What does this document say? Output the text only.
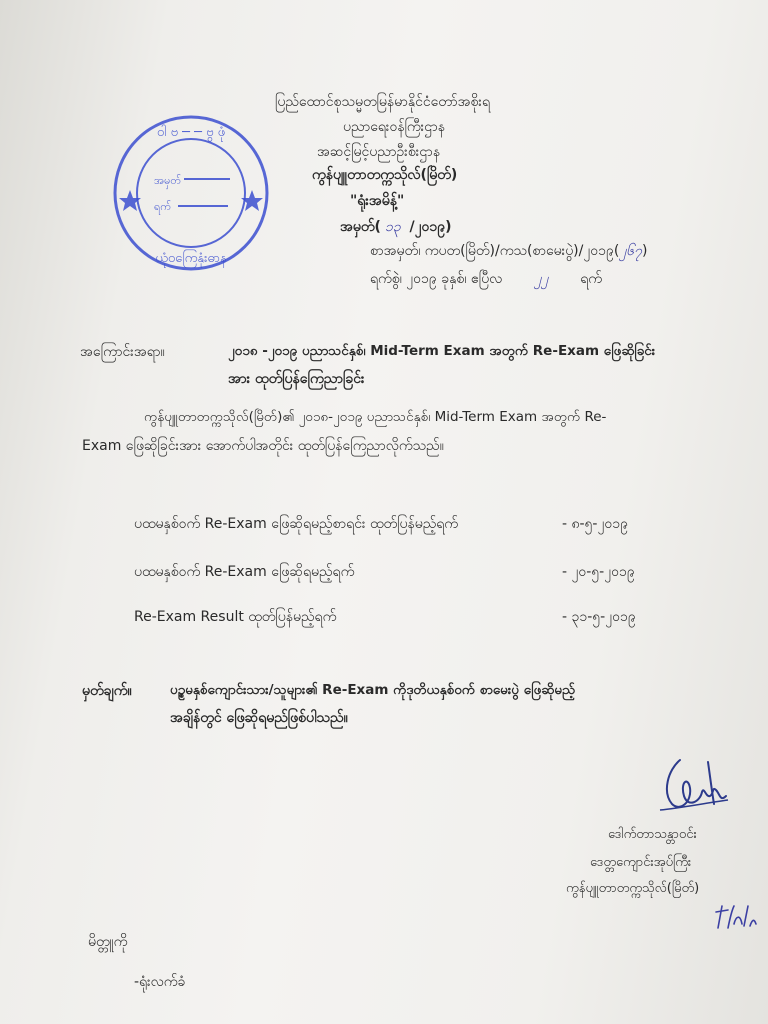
ဝါ ဗ ─ ─ ဗွ ဖုံ
ယုံဝကြေနုံးဓာန
အမှတ်
ရက်
ပြည်ထောင်စုသမ္မတမြန်မာနိုင်ငံတော်အစိုးရ
ပညာရေးဝန်ကြီးဌာန
အဆင့်မြင့်ပညာဦးစီးဌာန
ကွန်ပျူတာတက္ကသိုလ်(မြိတ်)
"ရုံးအမိန့်"
အမှတ်( ၁၃ /၂၀၁၉)
စာအမှတ်၊ ကပတ(မြိတ်)/ကသ(စာမေးပွဲ)/၂၀၁၉(၂၆၇)
ရက်စွဲ၊ ၂၀၁၉ ခုနှစ်၊ ဧပြီလ ၂၂ ရက်
အကြောင်းအရာ။	၂၀၁၈ -၂၀၁၉ ပညာသင်နှစ်၊ Mid-Term Exam အတွက် Re-Exam ဖြေဆိုခြင်း
အား ထုတ်ပြန်ကြေညာခြင်း
ကွန်ပျူတာတက္ကသိုလ်(မြိတ်)၏ ၂၀၁၈-၂၀၁၉ ပညာသင်နှစ်၊ Mid-Term Exam အတွက် Re-
Exam ဖြေဆိုခြင်းအား အောက်ပါအတိုင်း ထုတ်ပြန်ကြေညာလိုက်သည်။
ပထမနှစ်ဝက် Re-Exam ဖြေဆိုရမည့်စာရင်း ထုတ်ပြန်မည့်ရက်	- ၈-၅-၂၀၁၉
ပထမနှစ်ဝက် Re-Exam ဖြေဆိုရမည့်ရက်	- ၂၀-၅-၂၀၁၉
Re-Exam Result ထုတ်ပြန်မည့်ရက်	- ၃၁-၅-၂၀၁၉
မှတ်ချက်။	ပဥ္စမနှစ်ကျောင်းသား/သူများ၏ Re-Exam ကိုဒုတိယနှစ်ဝက် စာမေးပွဲ ဖြေဆိုမည့်
အချိန်တွင် ဖြေဆိုရမည်ဖြစ်ပါသည်။
ဒေါက်တာသန္တာဝင်း
ဒေတ္တကျောင်းအုပ်ကြီး
ကွန်ပျူတာတက္ကသိုလ်(မြိတ်)
မိတ္တူကို
-ရုံးလက်ခံ
